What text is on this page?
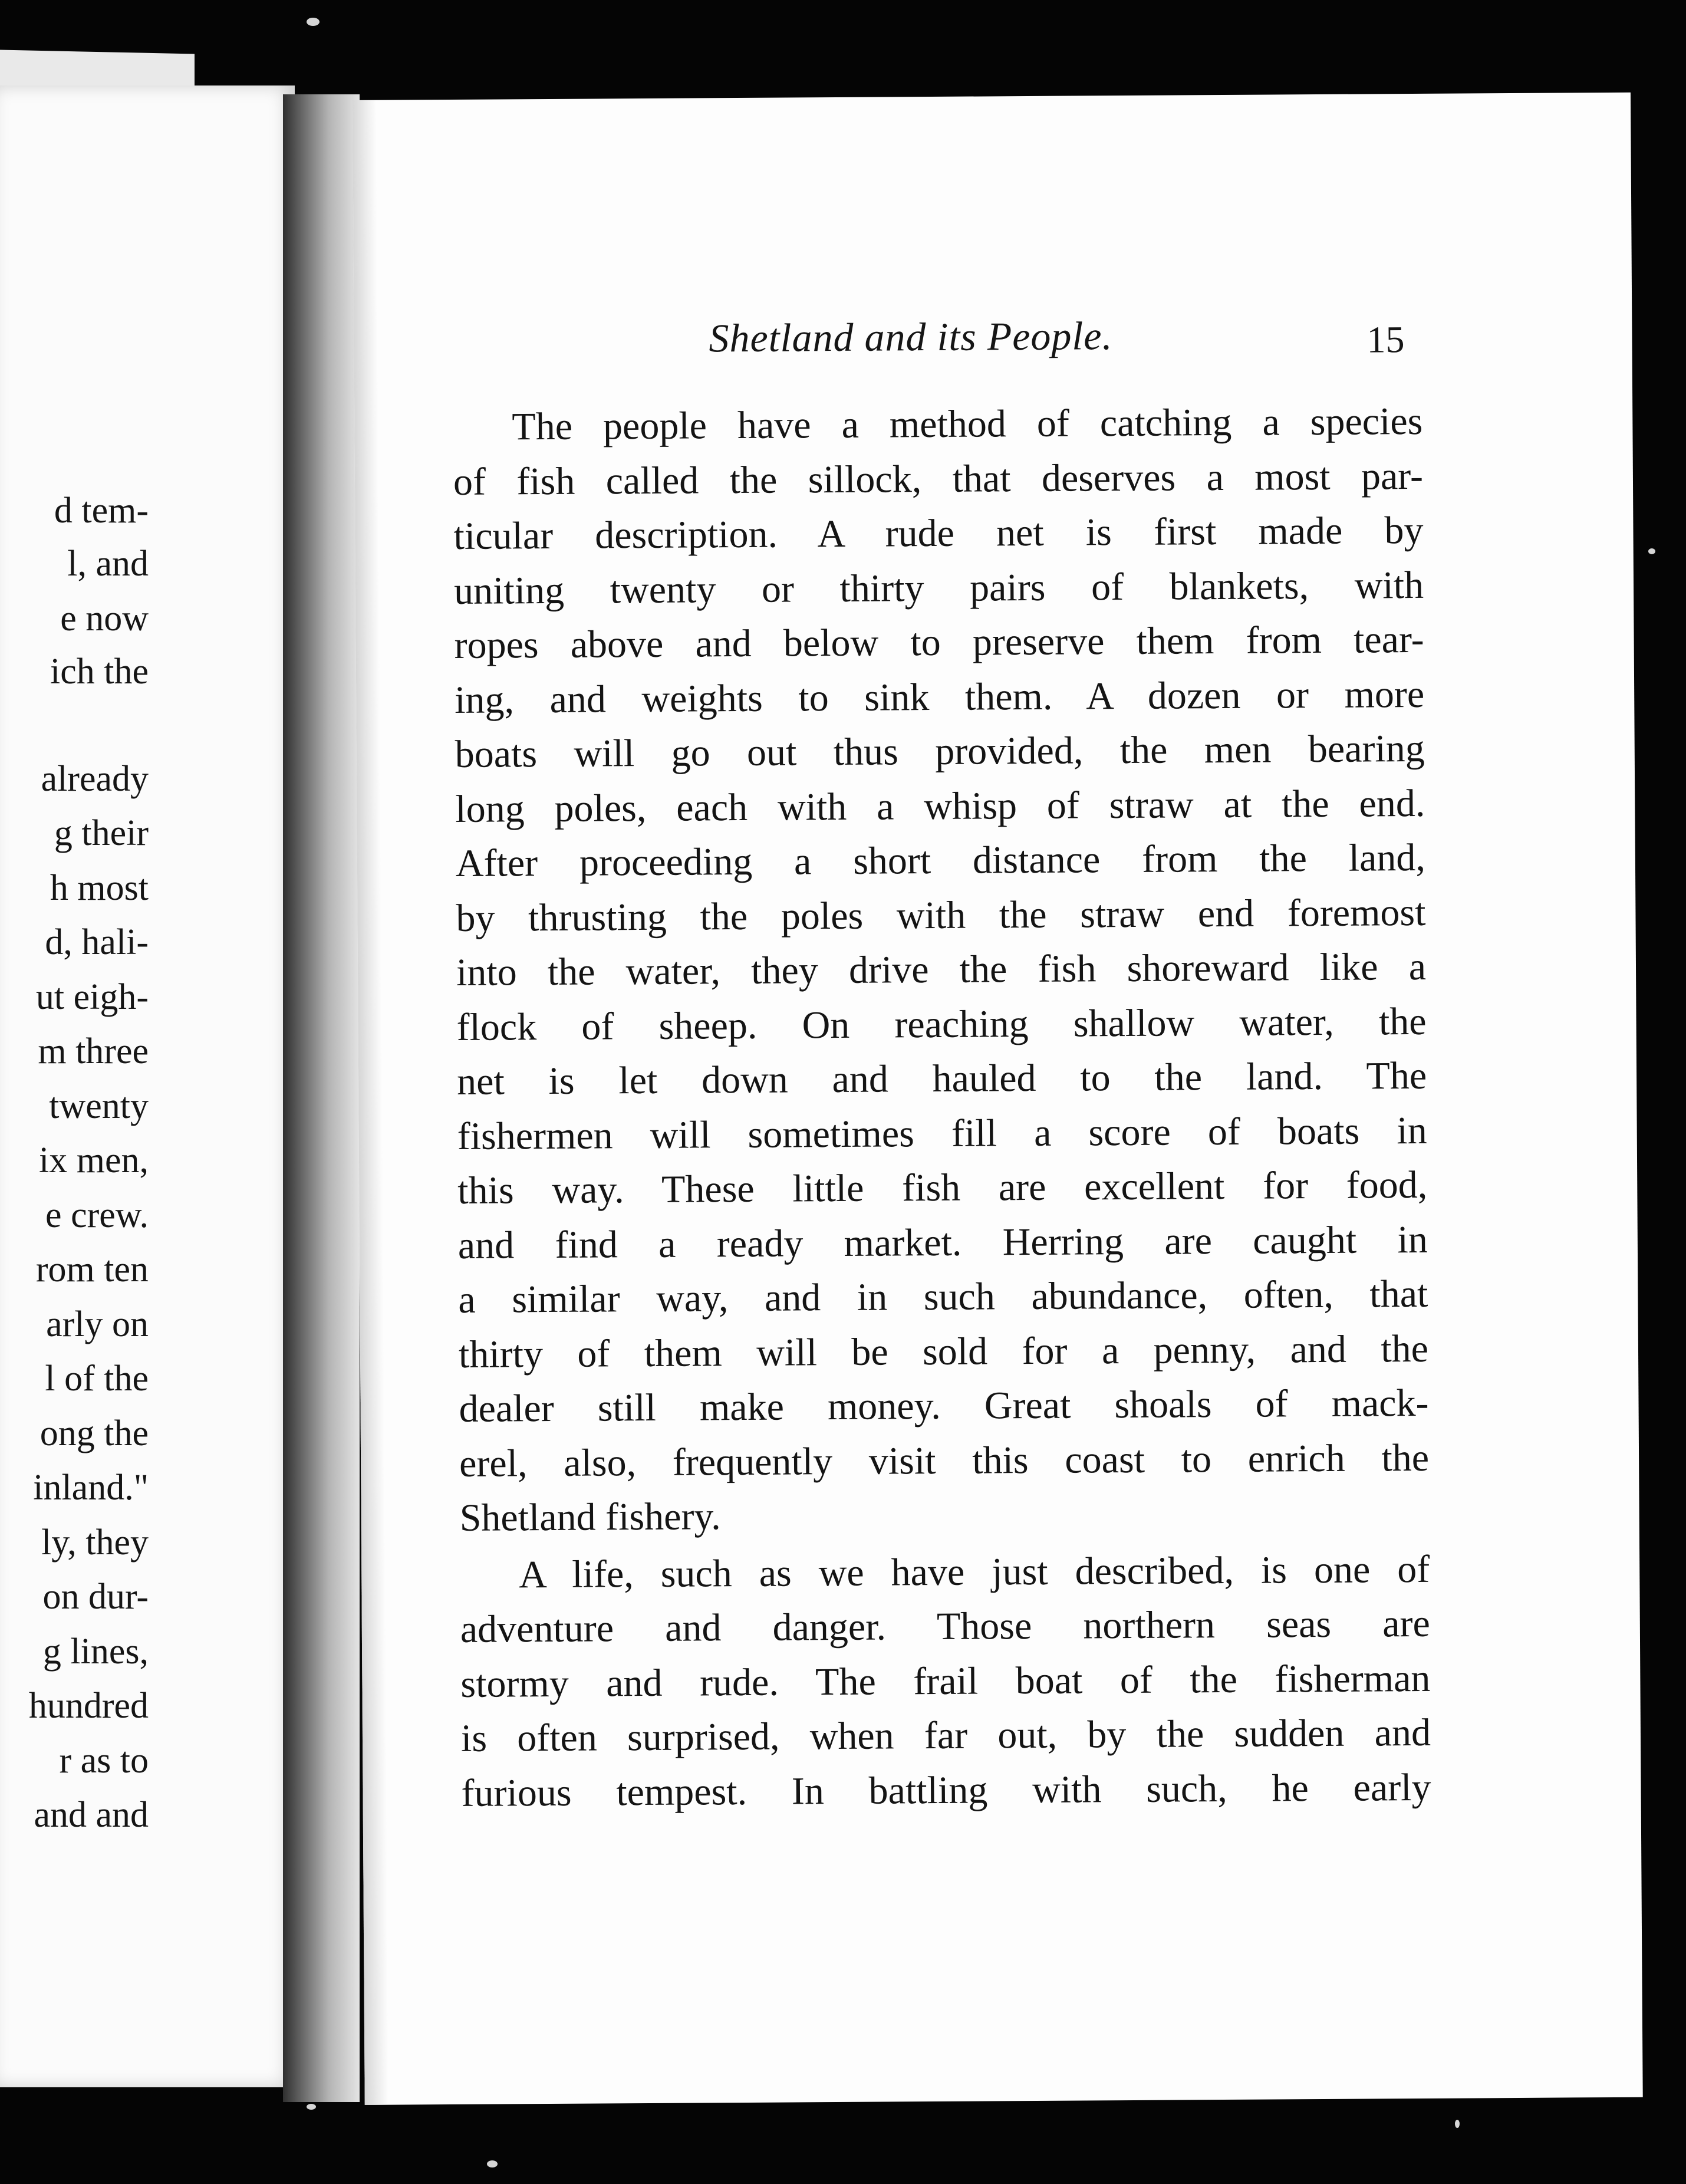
d tem-
l, and
e now
ich the
already
g their
h most
d, hali-
ut eigh-
m three
twenty
ix men,
e crew.
rom ten
arly on
l of the
ong the
inland."
ly, they
on dur-
g lines,
hundred
r as to
and and
Shetland and its People.	15

The people have a method of catching a species
of fish called the sillock, that deserves a most par-
ticular description. A rude net is first made by
uniting twenty or thirty pairs of blankets, with
ropes above and below to preserve them from tear-
ing, and weights to sink them. A dozen or more
boats will go out thus provided, the men bearing
long poles, each with a whisp of straw at the end.
After proceeding a short distance from the land,
by thrusting the poles with the straw end foremost
into the water, they drive the fish shoreward like a
flock of sheep. On reaching shallow water, the
net is let down and hauled to the land. The
fishermen will sometimes fill a score of boats in
this way. These little fish are excellent for food,
and find a ready market. Herring are caught in
a similar way, and in such abundance, often, that
thirty of them will be sold for a penny, and the
dealer still make money. Great shoals of mack-
erel, also, frequently visit this coast to enrich the
Shetland fishery.

A life, such as we have just described, is one of
adventure and danger. Those northern seas are
stormy and rude. The frail boat of the fisherman
is often surprised, when far out, by the sudden and
furious tempest. In battling with such, he early
